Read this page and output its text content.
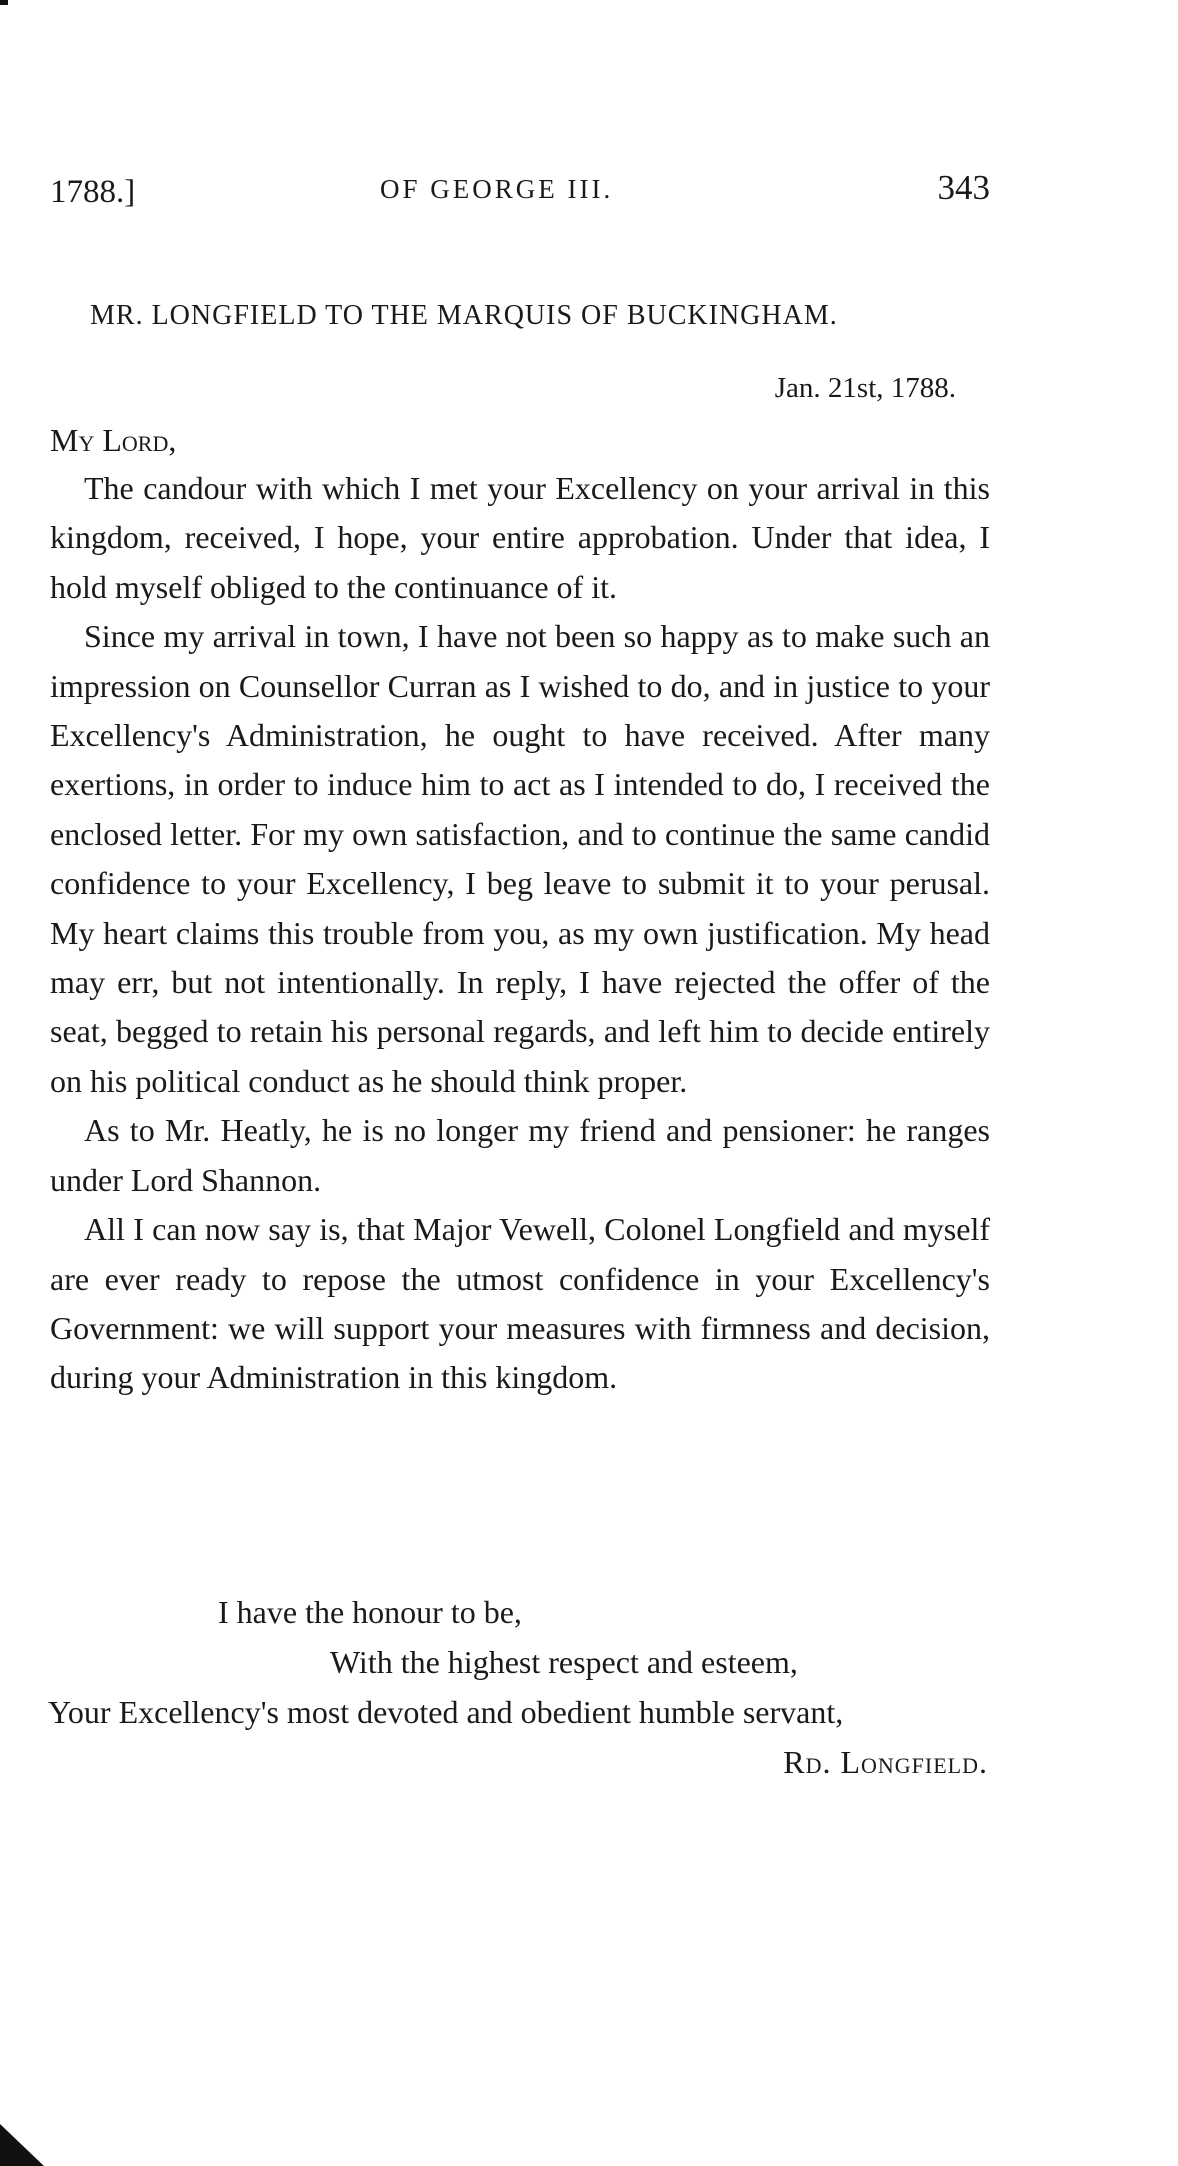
1788.]	OF GEORGE III.	343
MR. LONGFIELD TO THE MARQUIS OF BUCKINGHAM.
Jan. 21st, 1788.
My Lord,

The candour with which I met your Excellency on your arrival in this kingdom, received, I hope, your entire approbation. Under that idea, I hold myself obliged to the continuance of it.

Since my arrival in town, I have not been so happy as to make such an impression on Counsellor Curran as I wished to do, and in justice to your Excellency's Administration, he ought to have received. After many exertions, in order to induce him to act as I intended to do, I received the enclosed letter. For my own satisfaction, and to continue the same candid confidence to your Excellency, I beg leave to submit it to your perusal. My heart claims this trouble from you, as my own justification. My head may err, but not intentionally. In reply, I have rejected the offer of the seat, begged to retain his personal regards, and left him to decide entirely on his political conduct as he should think proper.

As to Mr. Heatly, he is no longer my friend and pensioner: he ranges under Lord Shannon.

All I can now say is, that Major Vewell, Colonel Longfield and myself are ever ready to repose the utmost confidence in your Excellency's Government: we will support your measures with firmness and decision, during your Administration in this kingdom.

I have the honour to be,
With the highest respect and esteem,
Your Excellency's most devoted and obedient humble servant,
Rd. Longfield.
